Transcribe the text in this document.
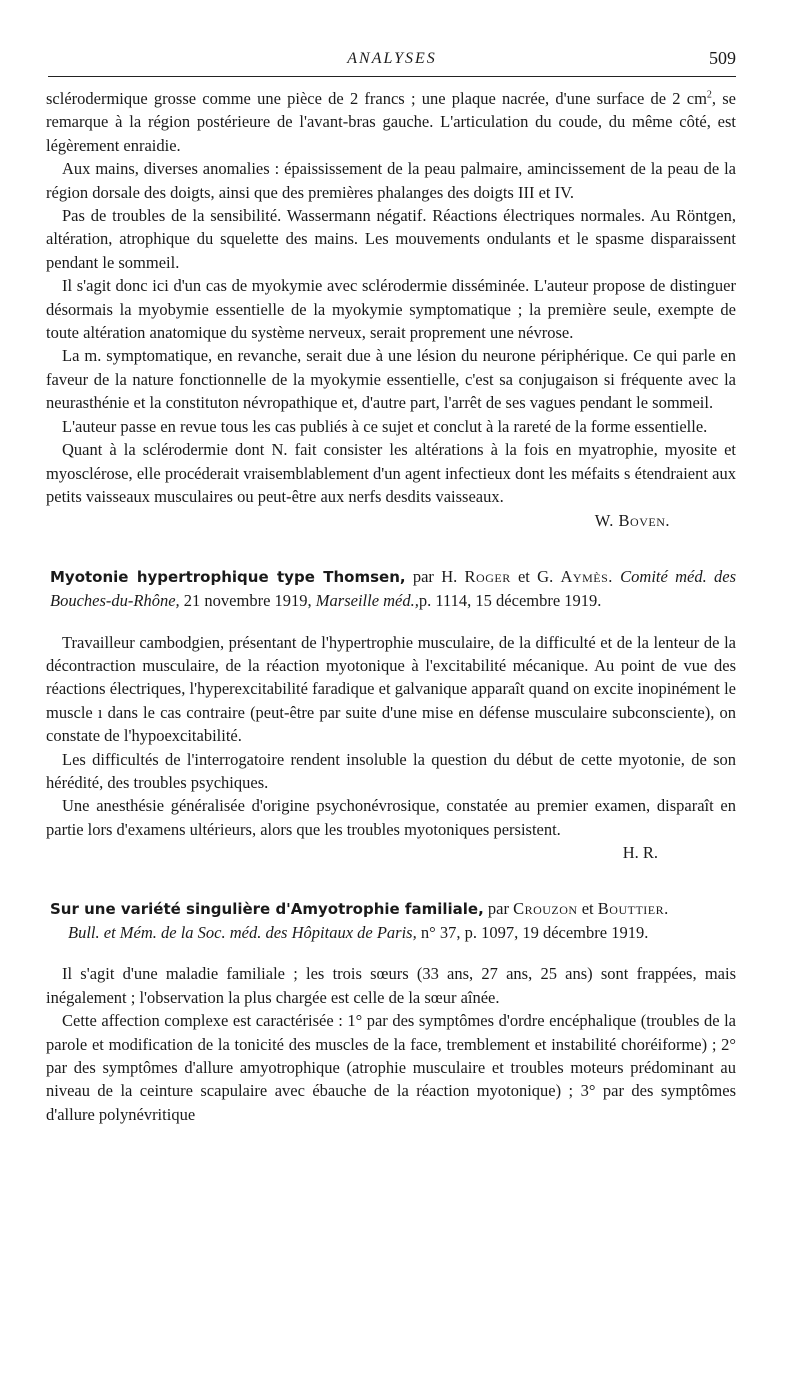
ANALYSES	509

sclérodermique grosse comme une pièce de 2 francs ; une plaque nacrée, d'une surface de 2 $cm^2$, se remarque à la région postérieure de l'avant-bras gauche. L'articulation du coude, du même côté, est légèrement enraidie.

Aux mains, diverses anomalies : épaississement de la peau palmaire, amincissement de la peau de la région dorsale des doigts, ainsi que des premières phalanges des doigts III et IV.

Pas de troubles de la sensibilité. Wassermann négatif. Réactions électriques normales. Au Röntgen, altération, atrophique du squelette des mains. Les mouvements ondulants et le spasme disparaissent pendant le sommeil.

Il s'agit donc ici d'un cas de myokymie avec sclérodermie disséminée. L'auteur propose de distinguer désormais la myobymie essentielle de la myokymie symptomatique ; la première seule, exempte de toute altération anatomique du système nerveux, serait proprement une névrose.

La m. symptomatique, en revanche, serait due à une lésion du neurone périphérique. Ce qui parle en faveur de la nature fonctionnelle de la myokymie essentielle, c'est sa conjugaison si fréquente avec la neurasthénie et la constituton névropathique et, d'autre part, l'arrêt de ses vagues pendant le sommeil.

L'auteur passe en revue tous les cas publiés à ce sujet et conclut à la rareté de la forme essentielle.

Quant à la sclérodermie dont N. fait consister les altérations à la fois en myatrophie, myosite et myosclérose, elle procéderait vraisemblablement d'un agent infectieux dont les méfaits s étendraient aux petits vaisseaux musculaires ou peut-être aux nerfs desdits vaisseaux.

W. Boven.

Myotonie hypertrophique type Thomsen, par H. Roger et G. Aymès. Comité méd. des Bouches-du-Rhône, 21 novembre 1919, Marseille méd.,p. 1114, 15 décembre 1919.

Travailleur cambodgien, présentant de l'hypertrophie musculaire, de la difficulté et de la lenteur de la décontraction musculaire, de la réaction myotonique à l'excitabilité mécanique. Au point de vue des réactions électriques, l'hyperexcitabilité faradique et galvanique apparaît quand on excite inopinément le muscle ı dans le cas contraire (peut-être par suite d'une mise en défense musculaire subconsciente), on constate de l'hypoexcitabilité.

Les difficultés de l'interrogatoire rendent insoluble la question du début de cette myotonie, de son hérédité, des troubles psychiques.

Une anesthésie généralisée d'origine psychonévrosique, constatée au premier examen, disparaît en partie lors d'examens ultérieurs, alors que les troubles myotoniques persistent.

H. R.

Sur une variété singulière d'Amyotrophie familiale, par Crouzon et Bouttier.
Bull. et Mém. de la Soc. méd. des Hôpitaux de Paris, n° 37, p. 1097, 19 décembre 1919.

Il s'agit d'une maladie familiale ; les trois sœurs (33 ans, 27 ans, 25 ans) sont frappées, mais inégalement ; l'observation la plus chargée est celle de la sœur aînée.

Cette affection complexe est caractérisée : 1° par des symptômes d'ordre encéphalique (troubles de la parole et modification de la tonicité des muscles de la face, tremblement et instabilité choréiforme) ; 2° par des symptômes d'allure amyotrophique (atrophie musculaire et troubles moteurs prédominant au niveau de la ceinture scapulaire avec ébauche de la réaction myotonique) ; 3° par des symptômes d'allure polynévritique
